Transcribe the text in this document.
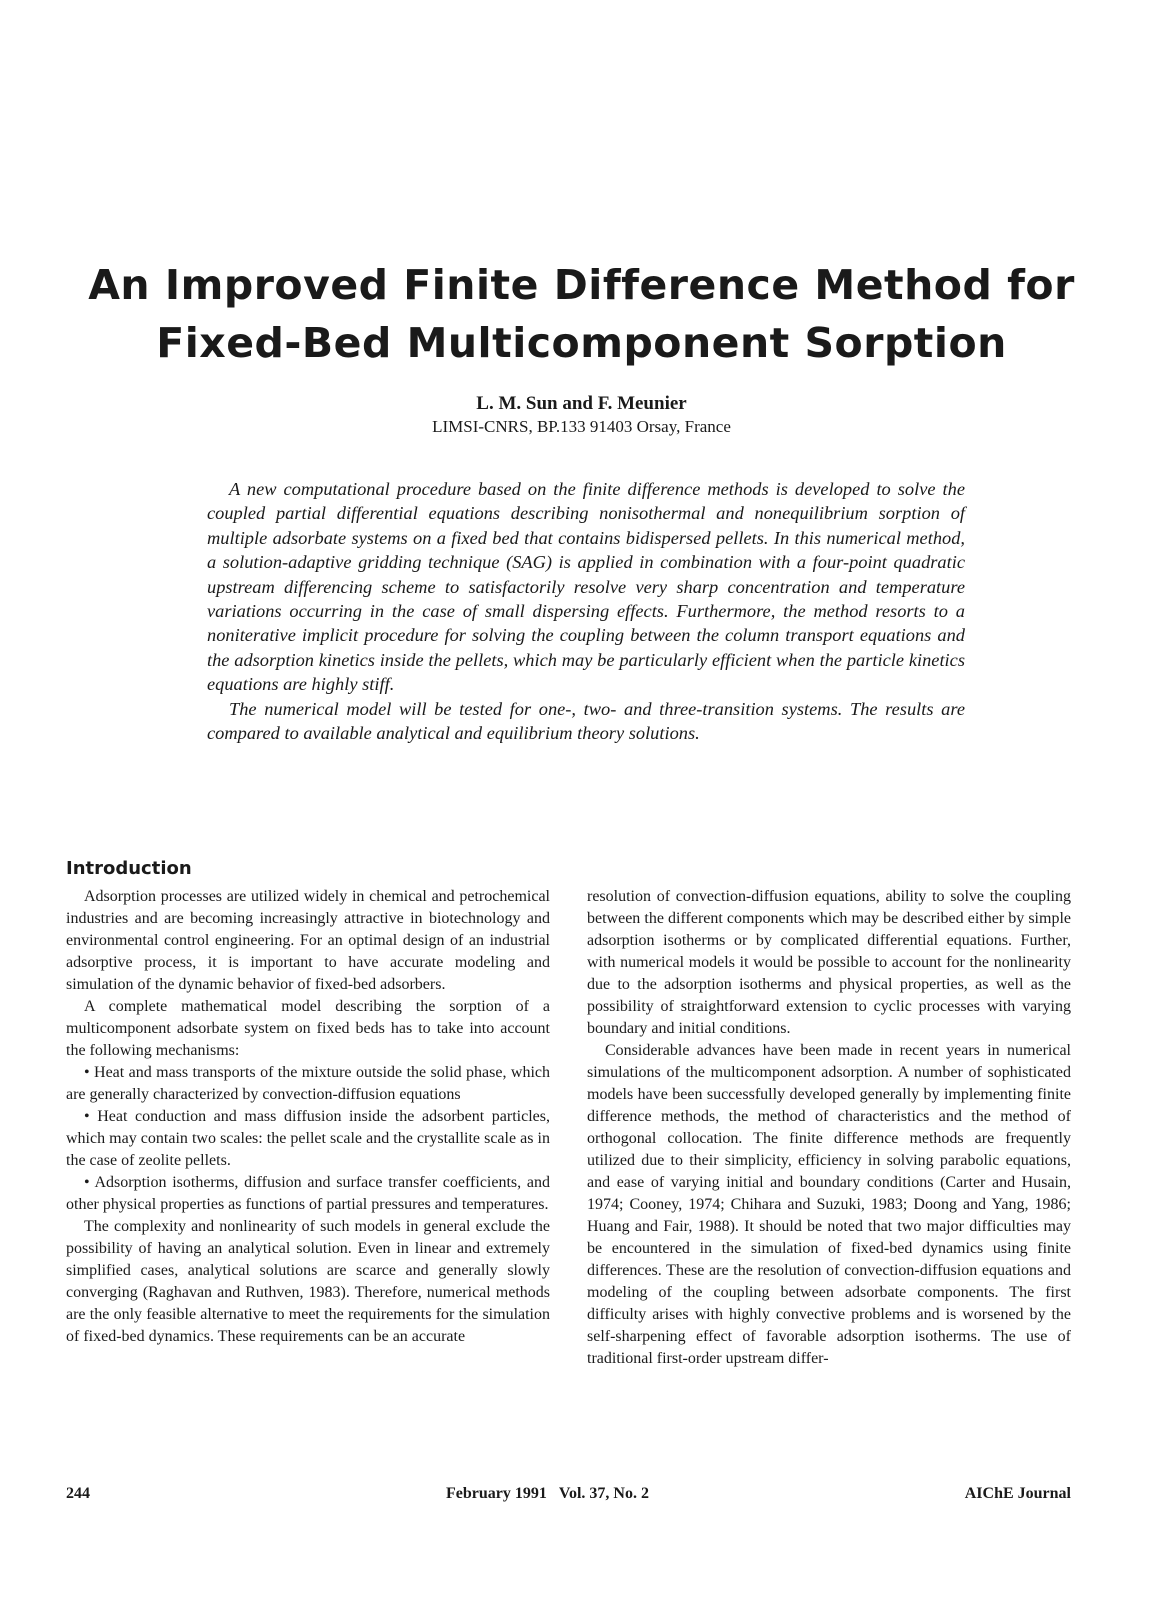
An Improved Finite Difference Method for
Fixed-Bed Multicomponent Sorption
L. M. Sun and F. Meunier
LIMSI-CNRS, BP.133 91403 Orsay, France

A new computational procedure based on the finite difference methods is developed to solve the coupled partial differential equations describing nonisothermal and nonequilibrium sorption of multiple adsorbate systems on a fixed bed that contains bidispersed pellets. In this numerical method, a solution-adaptive gridding technique (SAG) is applied in combination with a four-point quadratic upstream differencing scheme to satisfactorily resolve very sharp concentration and temperature variations occurring in the case of small dispersing effects. Furthermore, the method resorts to a noniterative implicit procedure for solving the coupling between the column transport equations and the adsorption kinetics inside the pellets, which may be particularly efficient when the particle kinetics equations are highly stiff.

The numerical model will be tested for one-, two- and three-transition systems. The results are compared to available analytical and equilibrium theory solutions.

Introduction

Adsorption processes are utilized widely in chemical and petrochemical industries and are becoming increasingly attractive in biotechnology and environmental control engineering. For an optimal design of an industrial adsorptive process, it is important to have accurate modeling and simulation of the dynamic behavior of fixed-bed adsorbers.

A complete mathematical model describing the sorption of a multicomponent adsorbate system on fixed beds has to take into account the following mechanisms:

• Heat and mass transports of the mixture outside the solid phase, which are generally characterized by convection-diffusion equations

• Heat conduction and mass diffusion inside the adsorbent particles, which may contain two scales: the pellet scale and the crystallite scale as in the case of zeolite pellets.

• Adsorption isotherms, diffusion and surface transfer coefficients, and other physical properties as functions of partial pressures and temperatures.

The complexity and nonlinearity of such models in general exclude the possibility of having an analytical solution. Even in linear and extremely simplified cases, analytical solutions are scarce and generally slowly converging (Raghavan and Ruthven, 1983). Therefore, numerical methods are the only feasible alternative to meet the requirements for the simulation of fixed-bed dynamics. These requirements can be an accurate

resolution of convection-diffusion equations, ability to solve the coupling between the different components which may be described either by simple adsorption isotherms or by complicated differential equations. Further, with numerical models it would be possible to account for the nonlinearity due to the adsorption isotherms and physical properties, as well as the possibility of straightforward extension to cyclic processes with varying boundary and initial conditions.

Considerable advances have been made in recent years in numerical simulations of the multicomponent adsorption. A number of sophisticated models have been successfully developed generally by implementing finite difference methods, the method of characteristics and the method of orthogonal collocation. The finite difference methods are frequently utilized due to their simplicity, efficiency in solving parabolic equations, and ease of varying initial and boundary conditions (Carter and Husain, 1974; Cooney, 1974; Chihara and Suzuki, 1983; Doong and Yang, 1986; Huang and Fair, 1988). It should be noted that two major difficulties may be encountered in the simulation of fixed-bed dynamics using finite differences. These are the resolution of convection-diffusion equations and modeling of the coupling between adsorbate components. The first difficulty arises with highly convective problems and is worsened by the self-sharpening effect of favorable adsorption isotherms. The use of traditional first-order upstream differ-

244	February 1991 Vol. 37, No. 2	AIChE Journal
